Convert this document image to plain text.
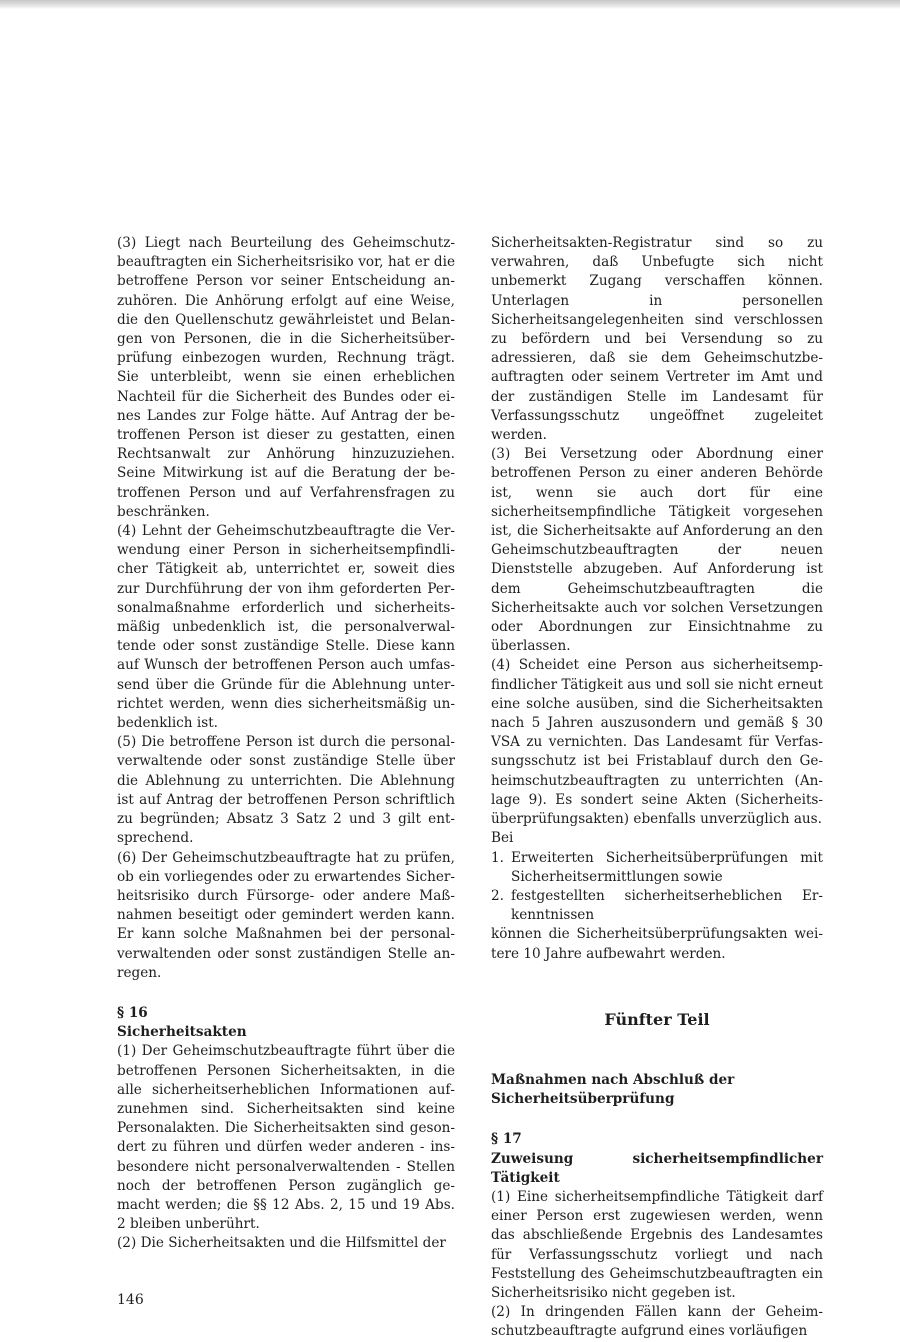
(3) Liegt nach Beurteilung des Geheimschutzbeauftragten ein Sicherheitsrisiko vor, hat er die betroffene Person vor seiner Entscheidung anzuhören. Die Anhörung erfolgt auf eine Weise, die den Quellenschutz gewährleistet und Belangen von Personen, die in die Sicherheitsüberprüfung einbezogen wurden, Rechnung trägt. Sie unterbleibt, wenn sie einen erheblichen Nachteil für die Sicherheit des Bundes oder eines Landes zur Folge hätte. Auf Antrag der betroffenen Person ist dieser zu gestatten, einen Rechtsanwalt zur Anhörung hinzuzuziehen. Seine Mitwirkung ist auf die Beratung der betroffenen Person und auf Verfahrensfragen zu beschränken.

(4) Lehnt der Geheimschutzbeauftragte die Verwendung einer Person in sicherheitsempfindlicher Tätigkeit ab, unterrichtet er, soweit dies zur Durchführung der von ihm geforderten Personalmaßnahme erforderlich und sicherheitsmäßig unbedenklich ist, die personalverwaltende oder sonst zuständige Stelle. Diese kann auf Wunsch der betroffenen Person auch umfassend über die Gründe für die Ablehnung unterrichtet werden, wenn dies sicherheitsmäßig unbedenklich ist.

(5) Die betroffene Person ist durch die personalverwaltende oder sonst zuständige Stelle über die Ablehnung zu unterrichten. Die Ablehnung ist auf Antrag der betroffenen Person schriftlich zu begründen; Absatz 3 Satz 2 und 3 gilt entsprechend.

(6) Der Geheimschutzbeauftragte hat zu prüfen, ob ein vorliegendes oder zu erwartendes Sicherheitsrisiko durch Fürsorge- oder andere Maßnahmen beseitigt oder gemindert werden kann. Er kann solche Maßnahmen bei der personalverwaltenden oder sonst zuständigen Stelle anregen.

§ 16

Sicherheitsakten

(1) Der Geheimschutzbeauftragte führt über die betroffenen Personen Sicherheitsakten, in die alle sicherheitserheblichen Informationen aufzunehmen sind. Sicherheitsakten sind keine Personalakten. Die Sicherheitsakten sind gesondert zu führen und dürfen weder anderen - insbesondere nicht personalverwaltenden - Stellen noch der betroffenen Person zugänglich gemacht werden; die §§ 12 Abs. 2, 15 und 19 Abs. 2 bleiben unberührt.

(2) Die Sicherheitsakten und die Hilfsmittel der

Sicherheitsakten-Registratur sind so zu verwahren, daß Unbefugte sich nicht unbemerkt Zugang verschaffen können. Unterlagen in personellen Sicherheitsangelegenheiten sind verschlossen zu befördern und bei Versendung so zu adressieren, daß sie dem Geheimschutzbeauftragten oder seinem Vertreter im Amt und der zuständigen Stelle im Landesamt für Verfassungsschutz ungeöffnet zugeleitet werden.

(3) Bei Versetzung oder Abordnung einer betroffenen Person zu einer anderen Behörde ist, wenn sie auch dort für eine sicherheitsempfindliche Tätigkeit vorgesehen ist, die Sicherheitsakte auf Anforderung an den Geheimschutzbeauftragten der neuen Dienststelle abzugeben. Auf Anforderung ist dem Geheimschutzbeauftragten die Sicherheitsakte auch vor solchen Versetzungen oder Abordnungen zur Einsichtnahme zu überlassen.

(4) Scheidet eine Person aus sicherheitsempfindlicher Tätigkeit aus und soll sie nicht erneut eine solche ausüben, sind die Sicherheitsakten nach 5 Jahren auszusondern und gemäß § 30 VSA zu vernichten. Das Landesamt für Verfassungsschutz ist bei Fristablauf durch den Geheimschutzbeauftragten zu unterrichten (Anlage 9). Es sondert seine Akten (Sicherheitsüberprüfungsakten) ebenfalls unverzüglich aus.

Bei

1. Erweiterten Sicherheitsüberprüfungen mit Sicherheitsermittlungen sowie
2. festgestellten sicherheitserheblichen Erkenntnissen

können die Sicherheitsüberprüfungsakten weitere 10 Jahre aufbewahrt werden.

Fünfter Teil

Maßnahmen nach Abschluß der Sicherheitsüberprüfung

§ 17

Zuweisung sicherheitsempfindlicher Tätigkeit

(1) Eine sicherheitsempfindliche Tätigkeit darf einer Person erst zugewiesen werden, wenn das abschließende Ergebnis des Landesamtes für Verfassungsschutz vorliegt und nach Feststellung des Geheimschutzbeauftragten ein Sicherheitsrisiko nicht gegeben ist.

(2) In dringenden Fällen kann der Geheimschutzbeauftragte aufgrund eines vorläufigen

146
